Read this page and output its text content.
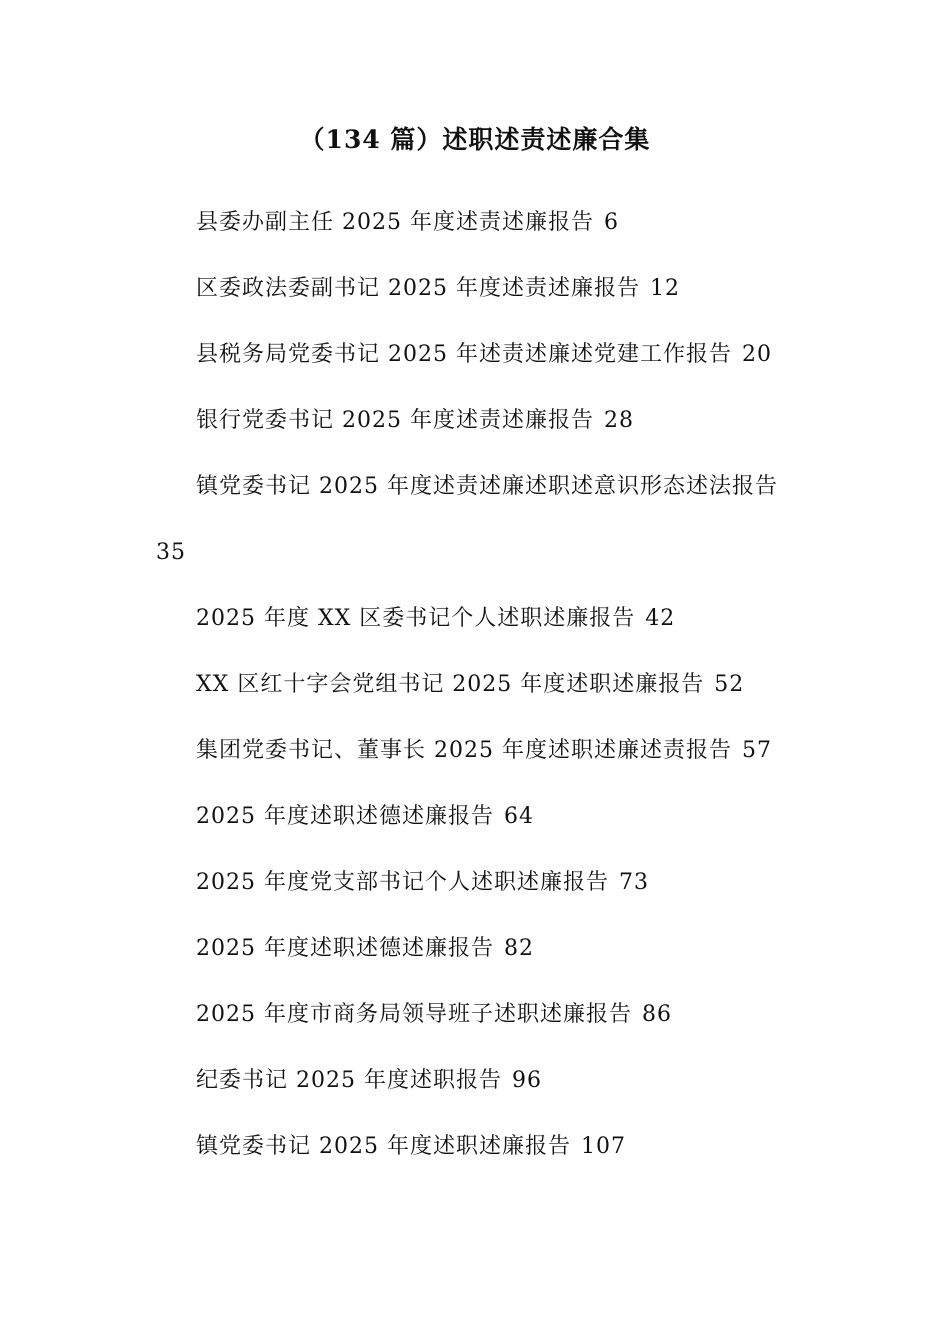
（134 篇）述职述责述廉合集
县委办副主任 2025 年度述责述廉报告 6
区委政法委副书记 2025 年度述责述廉报告 12
县税务局党委书记 2025 年述责述廉述党建工作报告 20
银行党委书记 2025 年度述责述廉报告 28
镇党委书记 2025 年度述责述廉述职述意识形态述法报告35
2025 年度 XX 区委书记个人述职述廉报告 42
XX 区红十字会党组书记 2025 年度述职述廉报告 52
集团党委书记、董事长 2025 年度述职述廉述责报告 57
2025 年度述职述德述廉报告 64
2025 年度党支部书记个人述职述廉报告 73
2025 年度述职述德述廉报告 82
2025 年度市商务局领导班子述职述廉报告 86
纪委书记 2025 年度述职报告 96
镇党委书记 2025 年度述职述廉报告 107
